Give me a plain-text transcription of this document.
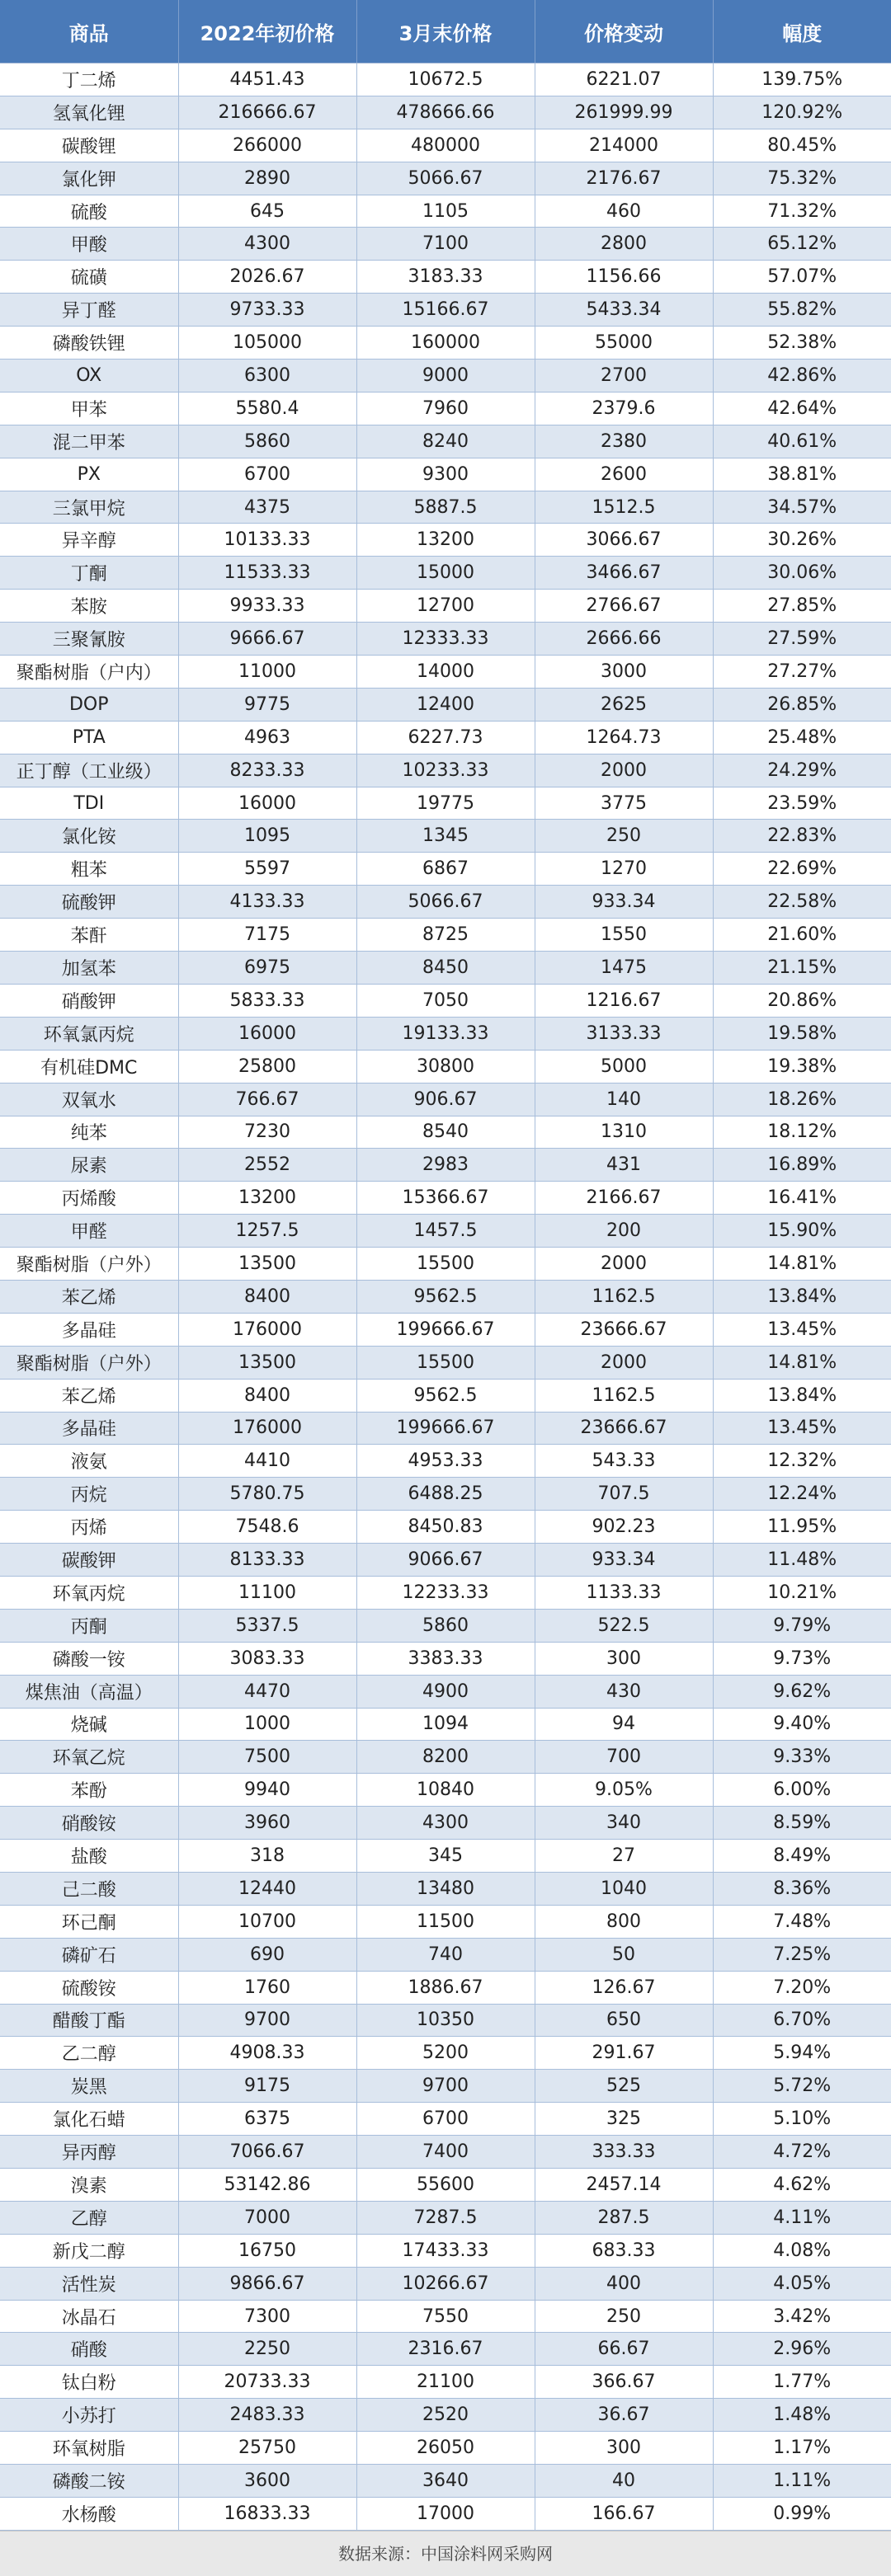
商品	2022年初价格	3月末价格	价格变动	幅度
丁二烯	4451.43	10672.5	6221.07	139.75%
氢氧化锂	216666.67	478666.66	261999.99	120.92%
碳酸锂	266000	480000	214000	80.45%
氯化钾	2890	5066.67	2176.67	75.32%
硫酸	645	1105	460	71.32%
甲酸	4300	7100	2800	65.12%
硫磺	2026.67	3183.33	1156.66	57.07%
异丁醛	9733.33	15166.67	5433.34	55.82%
磷酸铁锂	105000	160000	55000	52.38%
OX	6300	9000	2700	42.86%
甲苯	5580.4	7960	2379.6	42.64%
混二甲苯	5860	8240	2380	40.61%
PX	6700	9300	2600	38.81%
三氯甲烷	4375	5887.5	1512.5	34.57%
异辛醇	10133.33	13200	3066.67	30.26%
丁酮	11533.33	15000	3466.67	30.06%
苯胺	9933.33	12700	2766.67	27.85%
三聚氰胺	9666.67	12333.33	2666.66	27.59%
聚酯树脂（户内）	11000	14000	3000	27.27%
DOP	9775	12400	2625	26.85%
PTA	4963	6227.73	1264.73	25.48%
正丁醇（工业级）	8233.33	10233.33	2000	24.29%
TDI	16000	19775	3775	23.59%
氯化铵	1095	1345	250	22.83%
粗苯	5597	6867	1270	22.69%
硫酸钾	4133.33	5066.67	933.34	22.58%
苯酐	7175	8725	1550	21.60%
加氢苯	6975	8450	1475	21.15%
硝酸钾	5833.33	7050	1216.67	20.86%
环氧氯丙烷	16000	19133.33	3133.33	19.58%
有机硅DMC	25800	30800	5000	19.38%
双氧水	766.67	906.67	140	18.26%
纯苯	7230	8540	1310	18.12%
尿素	2552	2983	431	16.89%
丙烯酸	13200	15366.67	2166.67	16.41%
甲醛	1257.5	1457.5	200	15.90%
聚酯树脂（户外）	13500	15500	2000	14.81%
苯乙烯	8400	9562.5	1162.5	13.84%
多晶硅	176000	199666.67	23666.67	13.45%
聚酯树脂（户外）	13500	15500	2000	14.81%
苯乙烯	8400	9562.5	1162.5	13.84%
多晶硅	176000	199666.67	23666.67	13.45%
液氨	4410	4953.33	543.33	12.32%
丙烷	5780.75	6488.25	707.5	12.24%
丙烯	7548.6	8450.83	902.23	11.95%
碳酸钾	8133.33	9066.67	933.34	11.48%
环氧丙烷	11100	12233.33	1133.33	10.21%
丙酮	5337.5	5860	522.5	9.79%
磷酸一铵	3083.33	3383.33	300	9.73%
煤焦油（高温）	4470	4900	430	9.62%
烧碱	1000	1094	94	9.40%
环氧乙烷	7500	8200	700	9.33%
苯酚	9940	10840	9.05%	6.00%
硝酸铵	3960	4300	340	8.59%
盐酸	318	345	27	8.49%
己二酸	12440	13480	1040	8.36%
环己酮	10700	11500	800	7.48%
磷矿石	690	740	50	7.25%
硫酸铵	1760	1886.67	126.67	7.20%
醋酸丁酯	9700	10350	650	6.70%
乙二醇	4908.33	5200	291.67	5.94%
炭黑	9175	9700	525	5.72%
氯化石蜡	6375	6700	325	5.10%
异丙醇	7066.67	7400	333.33	4.72%
溴素	53142.86	55600	2457.14	4.62%
乙醇	7000	7287.5	287.5	4.11%
新戊二醇	16750	17433.33	683.33	4.08%
活性炭	9866.67	10266.67	400	4.05%
冰晶石	7300	7550	250	3.42%
硝酸	2250	2316.67	66.67	2.96%
钛白粉	20733.33	21100	366.67	1.77%
小苏打	2483.33	2520	36.67	1.48%
环氧树脂	25750	26050	300	1.17%
磷酸二铵	3600	3640	40	1.11%
水杨酸	16833.33	17000	166.67	0.99%
数据来源：中国涂料网采购网
